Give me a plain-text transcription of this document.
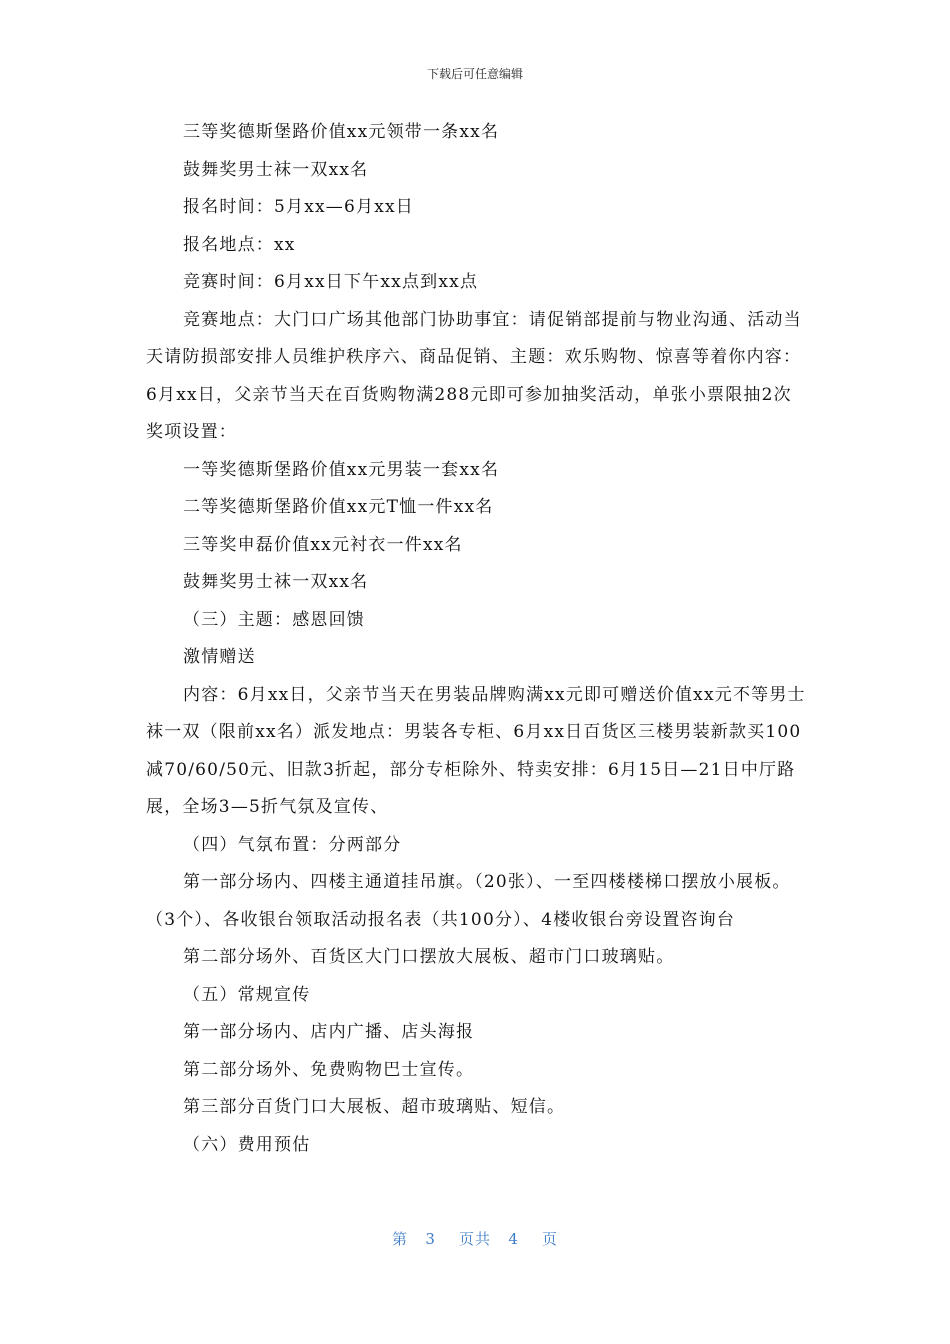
下载后可任意编辑

三等奖德斯堡路价值xx元领带一条xx名

鼓舞奖男士袜一双xx名

报名时间：5月xx—6月xx日

报名地点：xx

竞赛时间：6月xx日下午xx点到xx点

竞赛地点：大门口广场其他部门协助事宜：请促销部提前与物业沟通、活动当天请防损部安排人员维护秩序六、商品促销、主题：欢乐购物、惊喜等着你内容：6月xx日，父亲节当天在百货购物满288元即可参加抽奖活动，单张小票限抽2次奖项设置：

一等奖德斯堡路价值xx元男装一套xx名

二等奖德斯堡路价值xx元T恤一件xx名

三等奖申磊价值xx元衬衣一件xx名

鼓舞奖男士袜一双xx名

（三）主题：感恩回馈

激情赠送

内容：6月xx日，父亲节当天在男装品牌购满xx元即可赠送价值xx元不等男士袜一双（限前xx名）派发地点：男装各专柜、6月xx日百货区三楼男装新款买100减70/60/50元、旧款3折起，部分专柜除外、特卖安排：6月15日—21日中厅路展，全场3—5折气氛及宣传、

（四）气氛布置：分两部分

第一部分场内、四楼主通道挂吊旗。（20张）、一至四楼楼梯口摆放小展板。（3个）、各收银台领取活动报名表（共100分）、4楼收银台旁设置咨询台

第二部分场外、百货区大门口摆放大展板、超市门口玻璃贴。

（五）常规宣传

第一部分场内、店内广播、店头海报

第二部分场外、免费购物巴士宣传。

第三部分百货门口大展板、超市玻璃贴、短信。

（六）费用预估

第 3 页共 4 页
